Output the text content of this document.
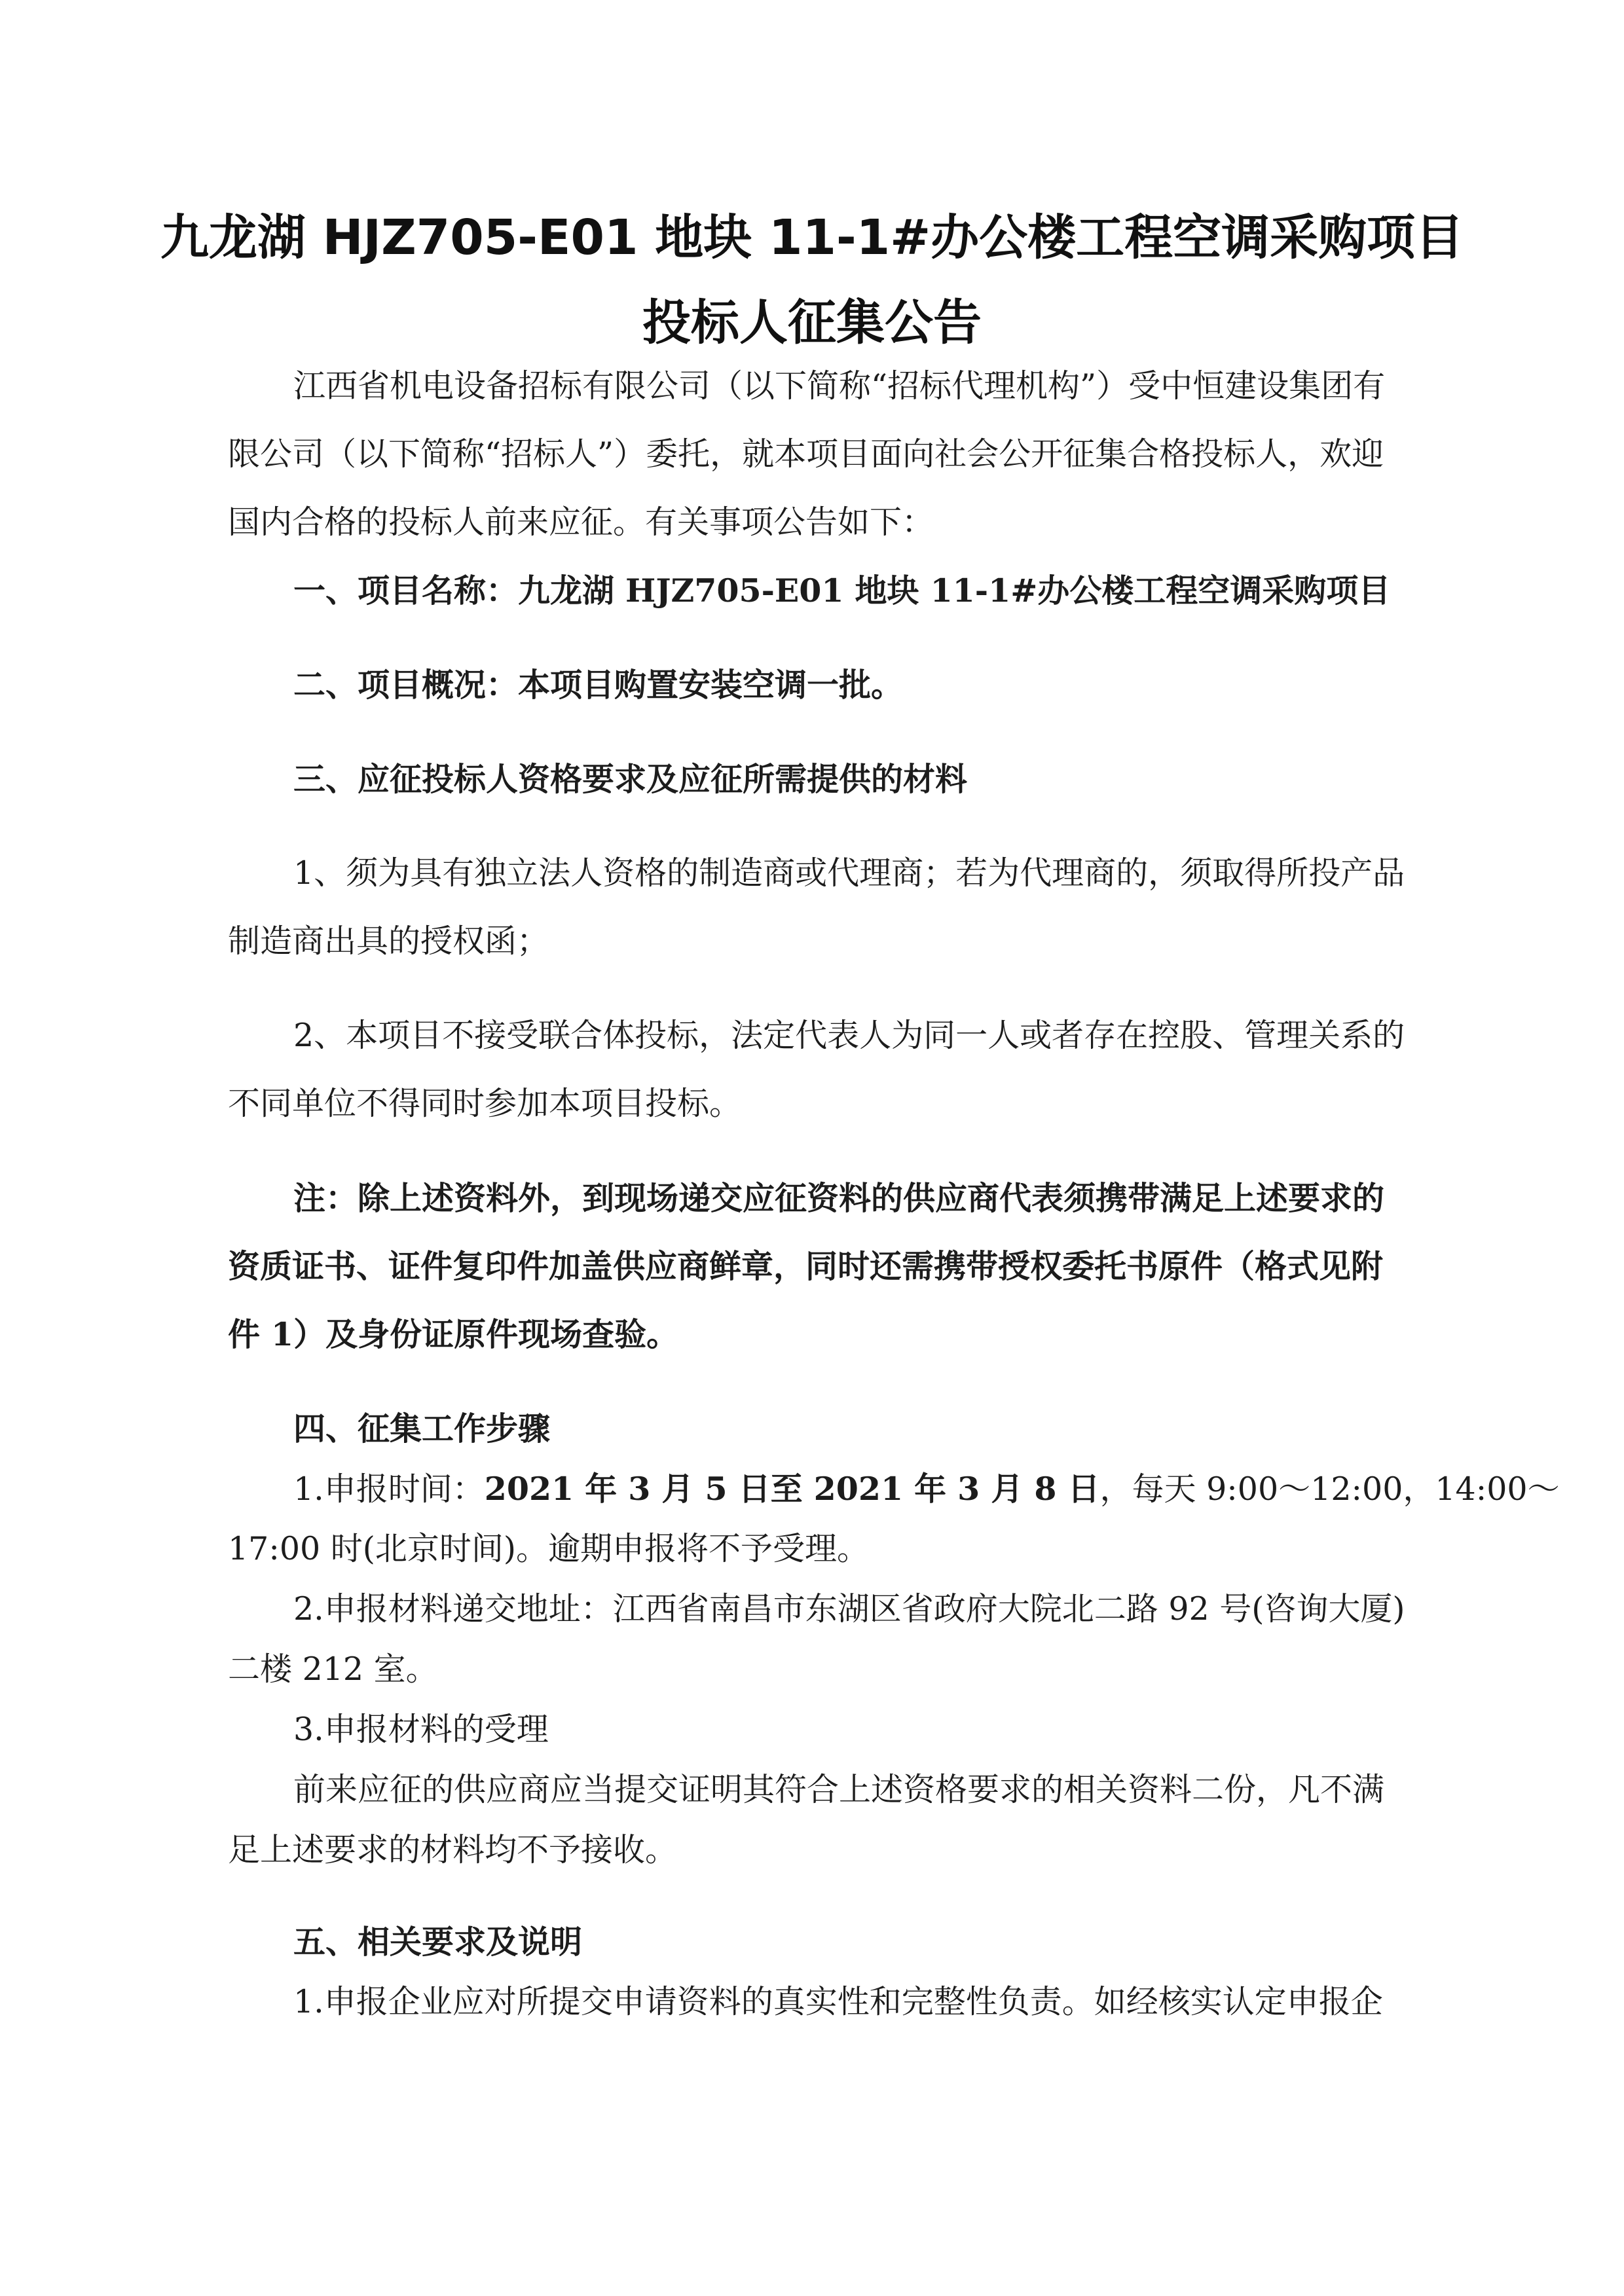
九龙湖 HJZ705-E01 地块 11-1#办公楼工程空调采购项目
投标人征集公告

江西省机电设备招标有限公司（以下简称“招标代理机构”）受中恒建设集团有

限公司（以下简称“招标人”）委托，就本项目面向社会公开征集合格投标人，欢迎

国内合格的投标人前来应征。有关事项公告如下：

一、项目名称：九龙湖 HJZ705-E01 地块 11-1#办公楼工程空调采购项目

二、项目概况：本项目购置安装空调一批。

三、应征投标人资格要求及应征所需提供的材料

1、须为具有独立法人资格的制造商或代理商；若为代理商的，须取得所投产品

制造商出具的授权函；

2、本项目不接受联合体投标，法定代表人为同一人或者存在控股、管理关系的

不同单位不得同时参加本项目投标。

注：除上述资料外，到现场递交应征资料的供应商代表须携带满足上述要求的

资质证书、证件复印件加盖供应商鲜章，同时还需携带授权委托书原件（格式见附

件 1）及身份证原件现场查验。

四、征集工作步骤

1.申报时间：2021 年 3 月 5 日至 2021 年 3 月 8 日，每天 9:00～12:00，14:00～

17:00 时(北京时间)。逾期申报将不予受理。

2.申报材料递交地址：江西省南昌市东湖区省政府大院北二路 92 号(咨询大厦)

二楼 212 室。

3.申报材料的受理

前来应征的供应商应当提交证明其符合上述资格要求的相关资料二份，凡不满

足上述要求的材料均不予接收。

五、相关要求及说明

1.申报企业应对所提交申请资料的真实性和完整性负责。如经核实认定申报企
